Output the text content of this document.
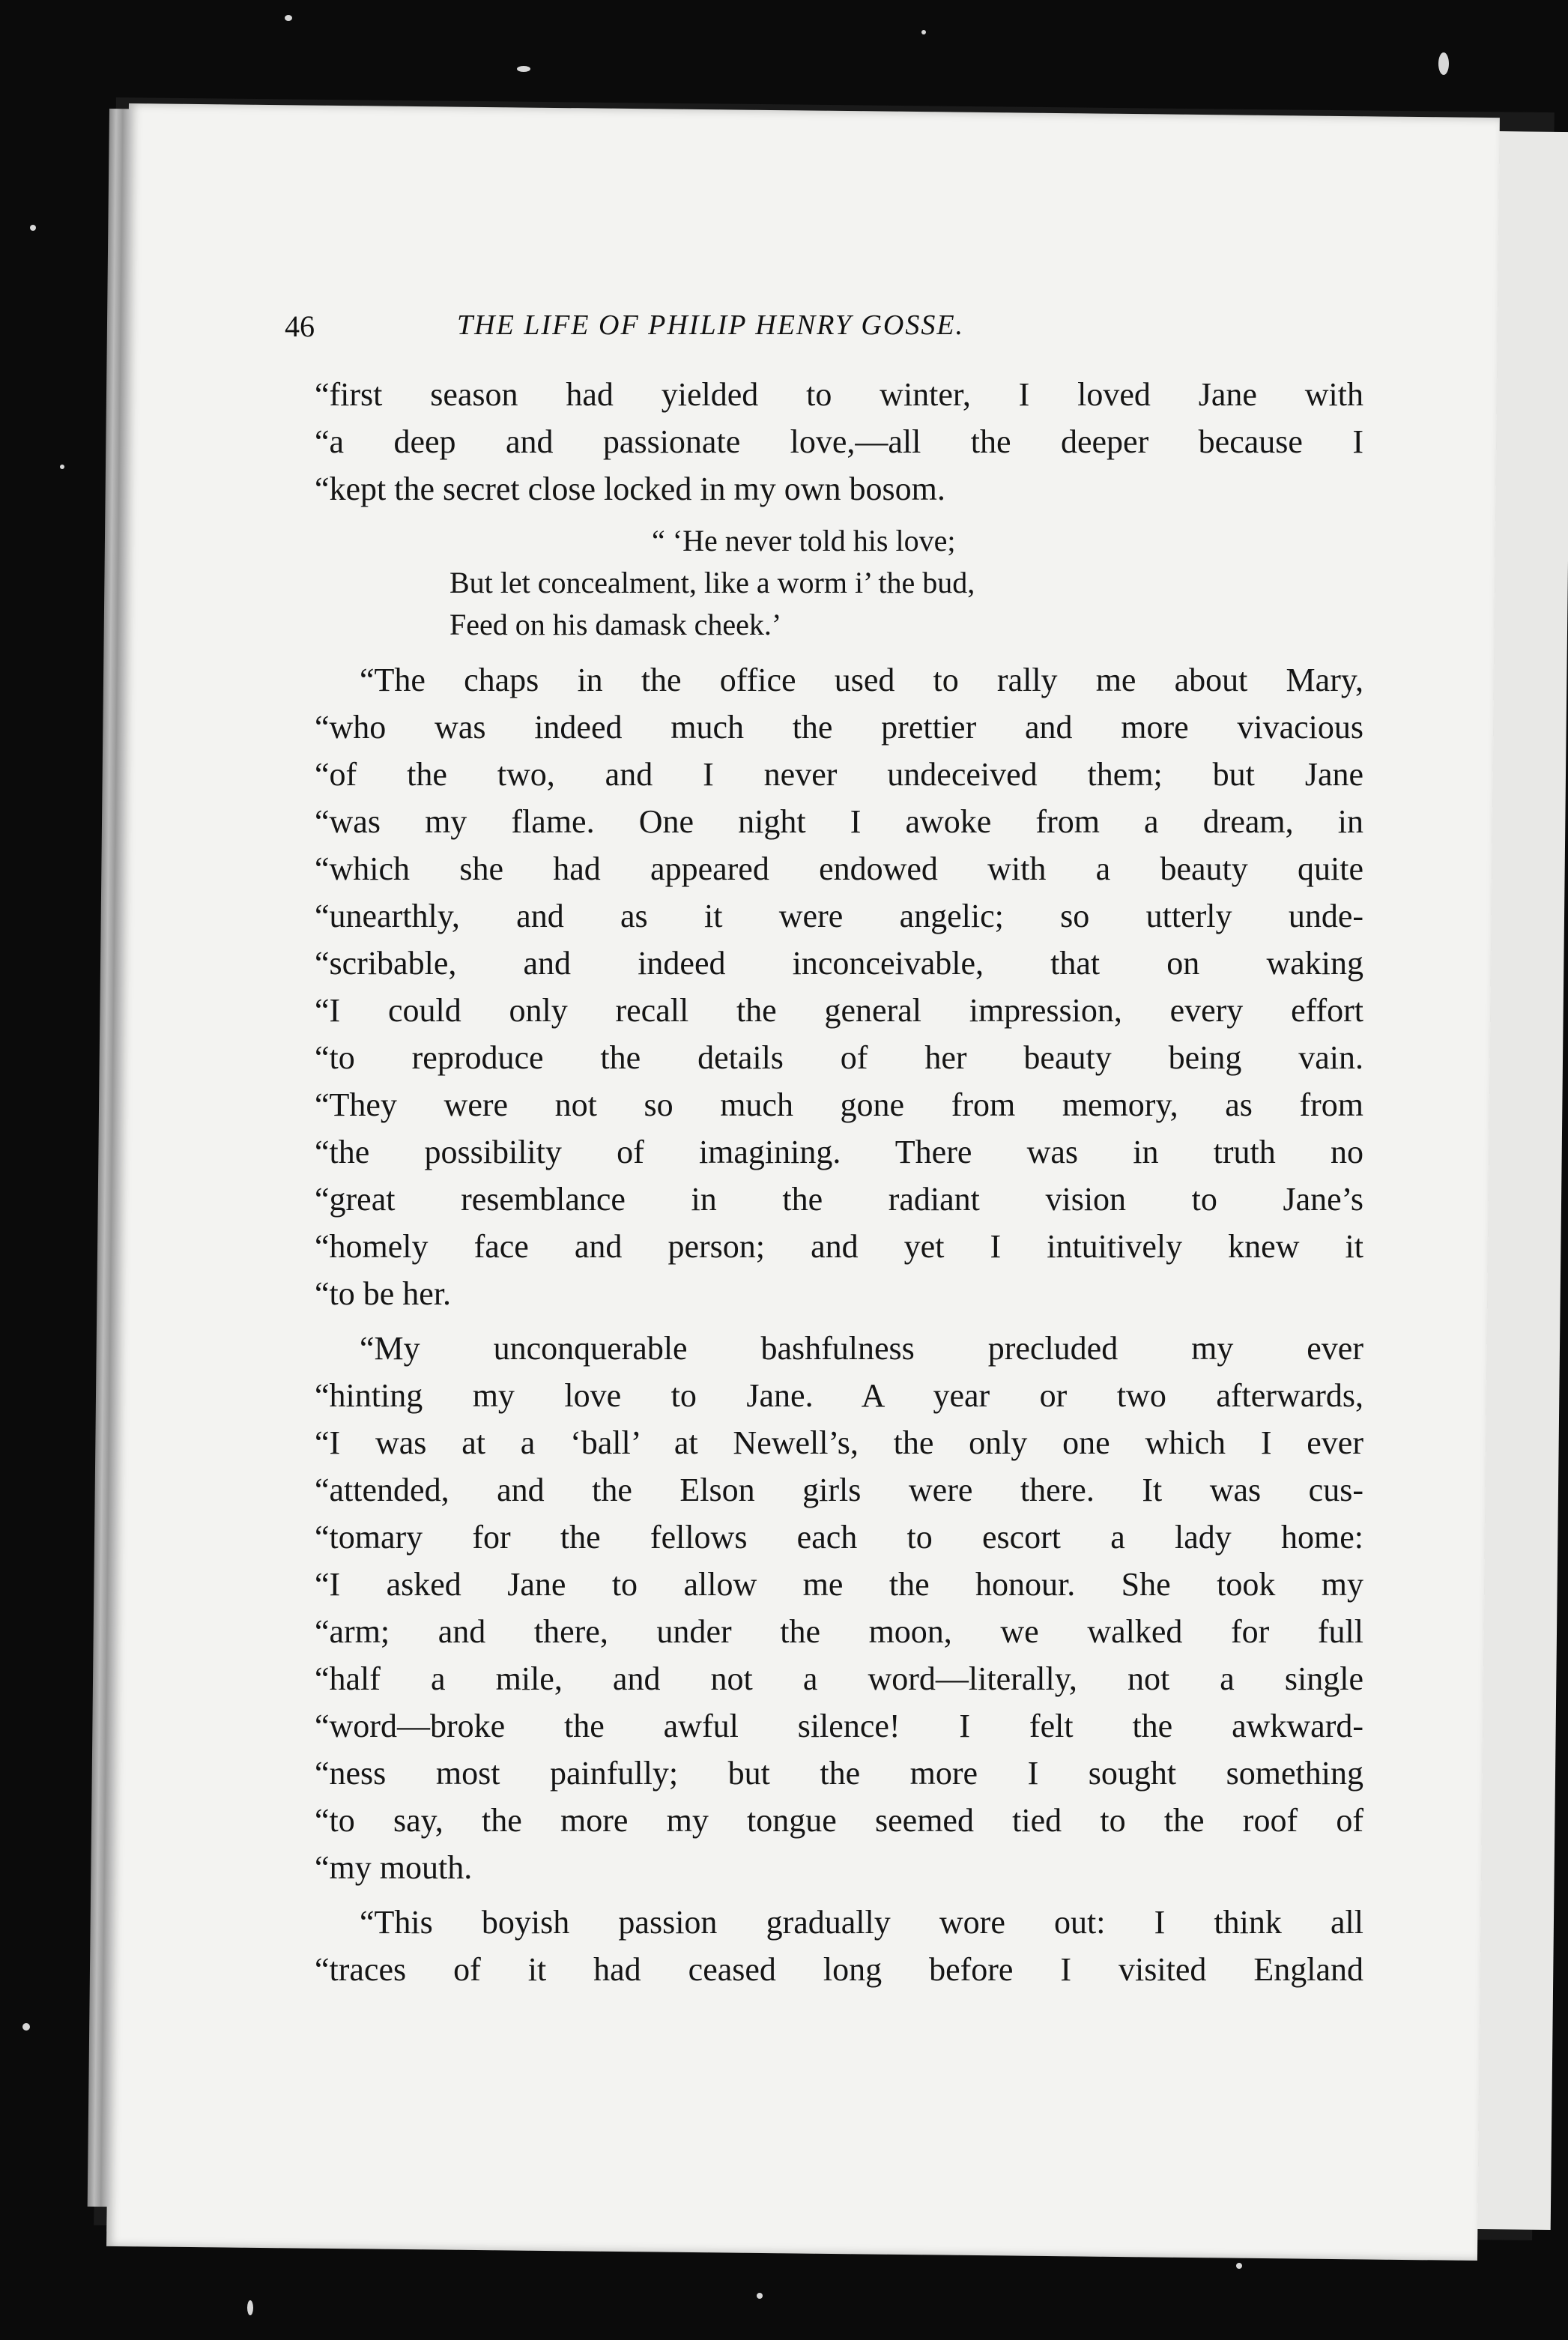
46	THE LIFE OF PHILIP HENRY GOSSE.
“first season had yielded to winter, I loved Jane with
“a deep and passionate love,—all the deeper because I
“kept the secret close locked in my own bosom.
“ ‘He never told his love;
But let concealment, like a worm i’ the bud,
Feed on his damask cheek.’
“The chaps in the office used to rally me about Mary,
“who was indeed much the prettier and more vivacious
“of the two, and I never undeceived them; but Jane
“was my flame. One night I awoke from a dream, in
“which she had appeared endowed with a beauty quite
“unearthly, and as it were angelic; so utterly unde-
“scribable, and indeed inconceivable, that on waking
“I could only recall the general impression, every effort
“to reproduce the details of her beauty being vain.
“They were not so much gone from memory, as from
“the possibility of imagining. There was in truth no
“great resemblance in the radiant vision to Jane’s
“homely face and person; and yet I intuitively knew it
“to be her.
“My unconquerable bashfulness precluded my ever
“hinting my love to Jane. A year or two afterwards,
“I was at a ‘ball’ at Newell’s, the only one which I ever
“attended, and the Elson girls were there. It was cus-
“tomary for the fellows each to escort a lady home:
“I asked Jane to allow me the honour. She took my
“arm; and there, under the moon, we walked for full
“half a mile, and not a word—literally, not a single
“word—broke the awful silence! I felt the awkward-
“ness most painfully; but the more I sought something
“to say, the more my tongue seemed tied to the roof of
“my mouth.
“This boyish passion gradually wore out: I think all
“traces of it had ceased long before I visited England
